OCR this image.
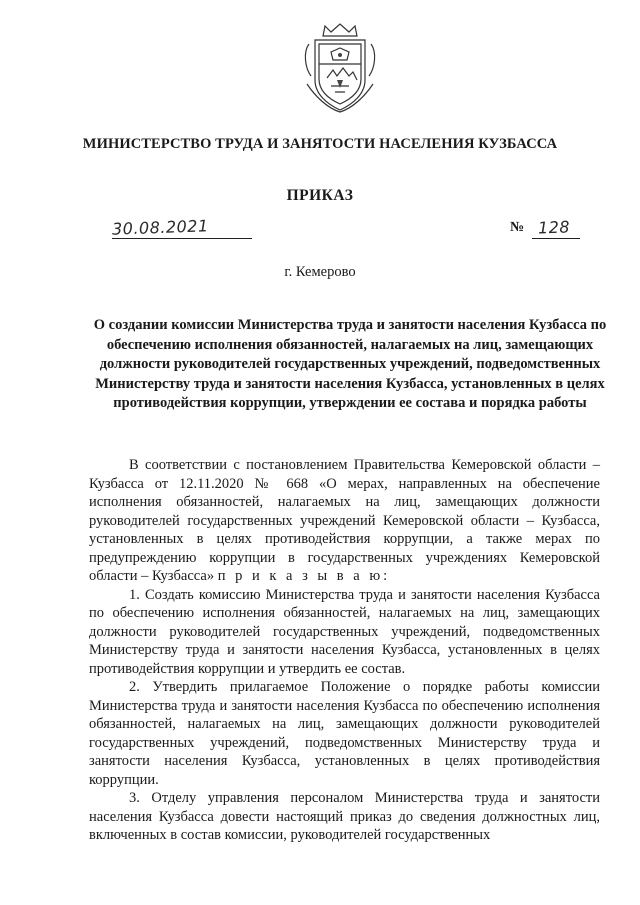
МИНИСТЕРСТВО ТРУДА И ЗАНЯТОСТИ НАСЕЛЕНИЯ КУЗБАССА
ПРИКАЗ
30.08.2021	№ 128
г. Кемерово
О создании комиссии Министерства труда и занятости населения Кузбасса по обеспечению исполнения обязанностей, налагаемых на лиц, замещающих должности руководителей государственных учреждений, подведомственных Министерству труда и занятости населения Кузбасса, установленных в целях противодействия коррупции, утверждении ее состава и порядка работы

В соответствии с постановлением Правительства Кемеровской области – Кузбасса от 12.11.2020 № 668 «О мерах, направленных на обеспечение исполнения обязанностей, налагаемых на лиц, замещающих должности руководителей государственных учреждений Кемеровской области – Кузбасса, установленных в целях противодействия коррупции, а также мерах по предупреждению коррупции в государственных учреждениях Кемеровской области – Кузбасса» п р и к а з ы в а ю:

1. Создать комиссию Министерства труда и занятости населения Кузбасса по обеспечению исполнения обязанностей, налагаемых на лиц, замещающих должности руководителей государственных учреждений, подведомственных Министерству труда и занятости населения Кузбасса, установленных в целях противодействия коррупции и утвердить ее состав.

2. Утвердить прилагаемое Положение о порядке работы комиссии Министерства труда и занятости населения Кузбасса по обеспечению исполнения обязанностей, налагаемых на лиц, замещающих должности руководителей государственных учреждений, подведомственных Министерству труда и занятости населения Кузбасса, установленных в целях противодействия коррупции.

3. Отделу управления персоналом Министерства труда и занятости населения Кузбасса довести настоящий приказ до сведения должностных лиц, включенных в состав комиссии, руководителей государственных
